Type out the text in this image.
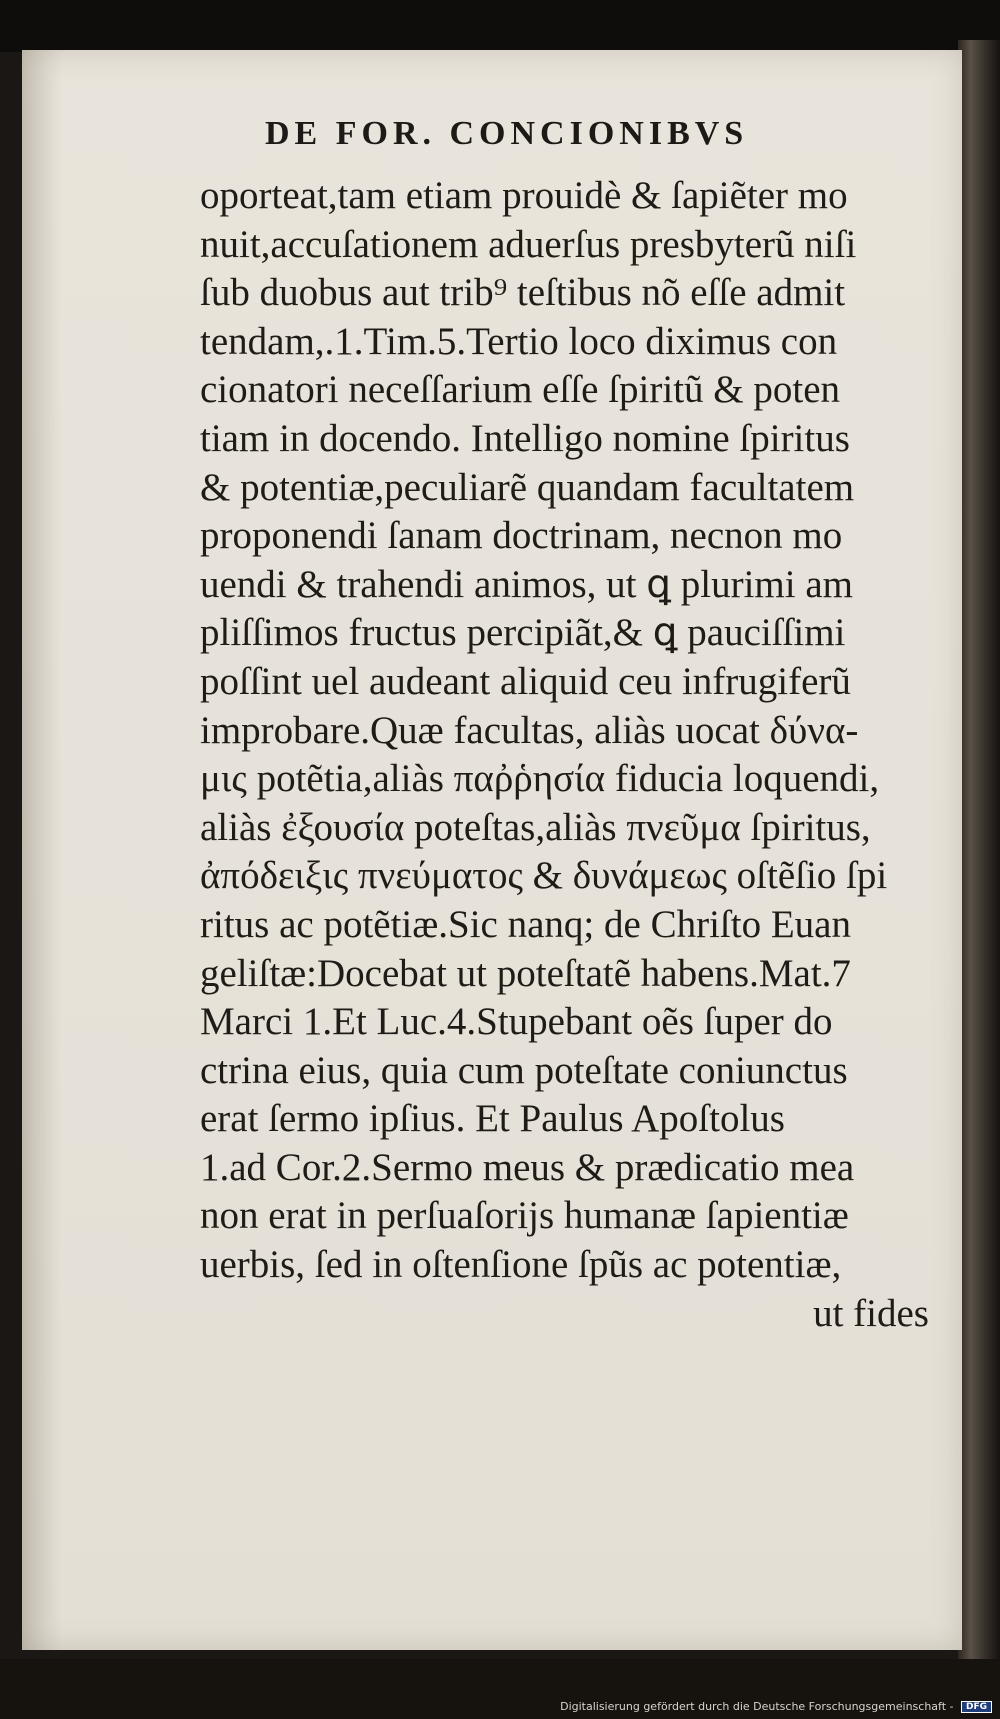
DE FOR. CONCIONIBVS
oporteat,tam etiam prouidè & ſapiẽter mo
nuit,accuſationem aduerſus presbyterũ niſi
ſub duobus aut trib⁹ teſtibus nõ eſſe admit
tendam,.1.Tim.5.Tertio loco diximus con
cionatori neceſſarium eſſe ſpiritũ & poten
tiam in docendo. Intelligo nomine ſpiritus
& potentiæ,peculiarẽ quandam facultatem
proponendi ſanam doctrinam, necnon mo
uendi & trahendi animos, ut ꝗ plurimi am
pliſſimos fructus percipiãt,& ꝗ pauciſſimi
poſſint uel audeant aliquid ceu infrugiferũ
improbare.Quæ facultas, aliàs uocat δύνα-
μις potẽtia,aliàs παῤῥησία fiducia loquendi,
aliàs ἐξουσία poteſtas,aliàs πνεῦμα ſpiritus,
ἀπόδειξις πνεύματος & δυνάμεως oſtẽſio ſpi
ritus ac potẽtiæ.Sic nanq; de Chriſto Euan
geliſtæ:Docebat ut poteſtatẽ habens.Mat.7
Marci 1.Et Luc.4.Stupebant oẽs ſuper do
ctrina eius, quia cum poteſtate coniunctus
erat ſermo ipſius. Et Paulus Apoſtolus
1.ad Cor.2.Sermo meus & prædicatio mea
non erat in perſuaſorijs humanæ ſapientiæ
uerbis, ſed in oſtenſione ſpũs ac potentiæ,
ut fides
Digitalisierung gefördert durch die Deutsche Forschungsgemeinschaft - DFG
